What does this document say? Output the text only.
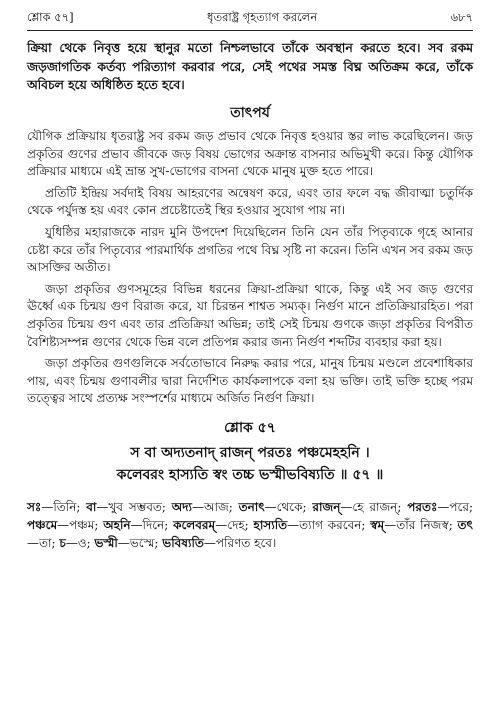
শ্লোক ৫৭]	ধৃতরাষ্ট্র গৃহত্যাগ করলেন	৬৮৭
ক্রিয়া থেকে নিবৃত্ত হয়ে স্থানুর মতো নিশ্চলভাবে তাঁকে অবস্থান করতে হবে। সব রকম জড়জাগতিক কর্তব্য পরিত্যাগ করবার পরে, সেই পথের সমস্ত বিঘ্ন অতিক্রম করে, তাঁকে অবিচল হয়ে অধিষ্ঠিত হতে হবে।
তাৎপর্য
যৌগিক প্রক্রিয়ায় ধৃতরাষ্ট্র সব রকম জড় প্রভাব থেকে নিবৃত্ত হওয়ার স্তর লাভ করেছিলেন। জড় প্রকৃতির গুণের প্রভাব জীবকে জড় বিষয় ভোগের অক্রান্ত বাসনার অভিমুখী করে। কিন্তু যৌগিক প্রক্রিয়ার মাধ্যমে এই ভ্রান্ত সুখ-ভোগের বাসনা থেকে মানুষ মুক্ত হতে পারে।
প্রতিটি ইন্দ্রিয় সর্বদাই বিষয় আহরণের অন্বেষণ করে, এবং তার ফলে বদ্ধ জীবাত্মা চতুর্দিক থেকে পর্যুদস্ত হয় এবং কোন প্রচেষ্টাতেই স্থির হওয়ার সুযোগ পায় না।
যুধিষ্ঠির মহারাজকে নারদ মুনি উপদেশ দিয়েছিলেন তিনি যেন তাঁর পিতৃব্যকে গৃহে আনার চেষ্টা করে তাঁর পিতৃব্যের পারমার্থিক প্রগতির পথে বিঘ্ন সৃষ্টি না করেন। তিনি এখন সব রকম জড় আসক্তির অতীত।
জড়া প্রকৃতির গুণসমূহের বিভিন্ন ধরনের ক্রিয়া-প্রক্রিয়া থাকে, কিন্তু এই সব জড় গুণের ঊর্ধ্বে এক চিন্ময় গুণ বিরাজ করে, যা চিরন্তন শাশ্বত সম্যক্। নির্গুণ মানে প্রতিক্রিয়ারহিত। পরা প্রকৃতির চিন্ময় গুণ এবং তার প্রতিক্রিয়া অভিন্ন; তাই সেই চিন্ময় গুণকে জড়া প্রকৃতির বিপরীত বৈশিষ্ট্যসম্পন্ন গুণের থেকে ভিন্ন বলে প্রতিপন্ন করার জন্য নির্গুণ শব্দটির ব্যবহার করা হয়।
জড়া প্রকৃতির গুণগুলিকে সর্বতোভাবে নিরুদ্ধ করার পরে, মানুষ চিন্ময় মণ্ডলে প্রবেশাধিকার পায়, এবং চিন্ময় গুণাবলীর দ্বারা নির্দেশিত কার্যকলাপকে বলা হয় ভক্তি। তাই ভক্তি হচ্ছে পরম তত্ত্বের সাথে প্রত্যক্ষ সংস্পর্শের মাধ্যমে অর্জিত নির্গুণ ক্রিয়া।
শ্লোক ৫৭
স বা অদ্যতনাদ্ রাজন্ পরতঃ পঞ্চমেহহনি ।
কলেবরং হাস্যতি স্বং তচ্চ ভস্মীভবিষ্যতি ॥ ৫৭ ॥
সঃ—তিনি; বা—খুব সম্ভবত; অদ্য—আজ; তনাৎ—থেকে; রাজন্—হে রাজন্; পরতঃ—পরে; পঞ্চমে—পঞ্চম; অহনি—দিনে; কলেবরম্—দেহ; হাস্যতি—ত্যাগ করবেন; স্বম্—তাঁর নিজস্ব; তৎ—তা; চ—ও; ভস্মী—ভস্মে; ভবিষ্যতি—পরিণত হবে।
